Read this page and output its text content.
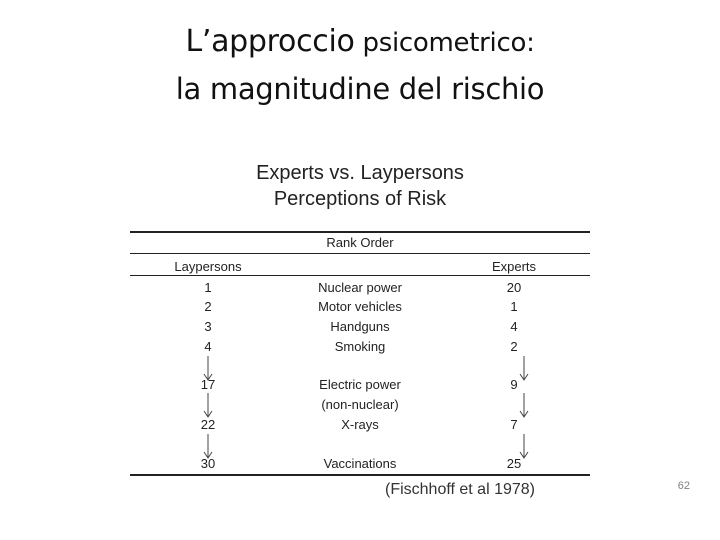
L’approccio psicometrico:
la magnitudine del rischio
Experts vs. Laypersons
Perceptions of Risk
Rank Order
Laypersons	Experts
1	Nuclear power	20
2	Motor vehicles	1
3	Handguns	4
4	Smoking	2
17	Electric power	9
(non-nuclear)
22	X-rays	7
30	Vaccinations	25
(Fischhoff et al 1978)	62
